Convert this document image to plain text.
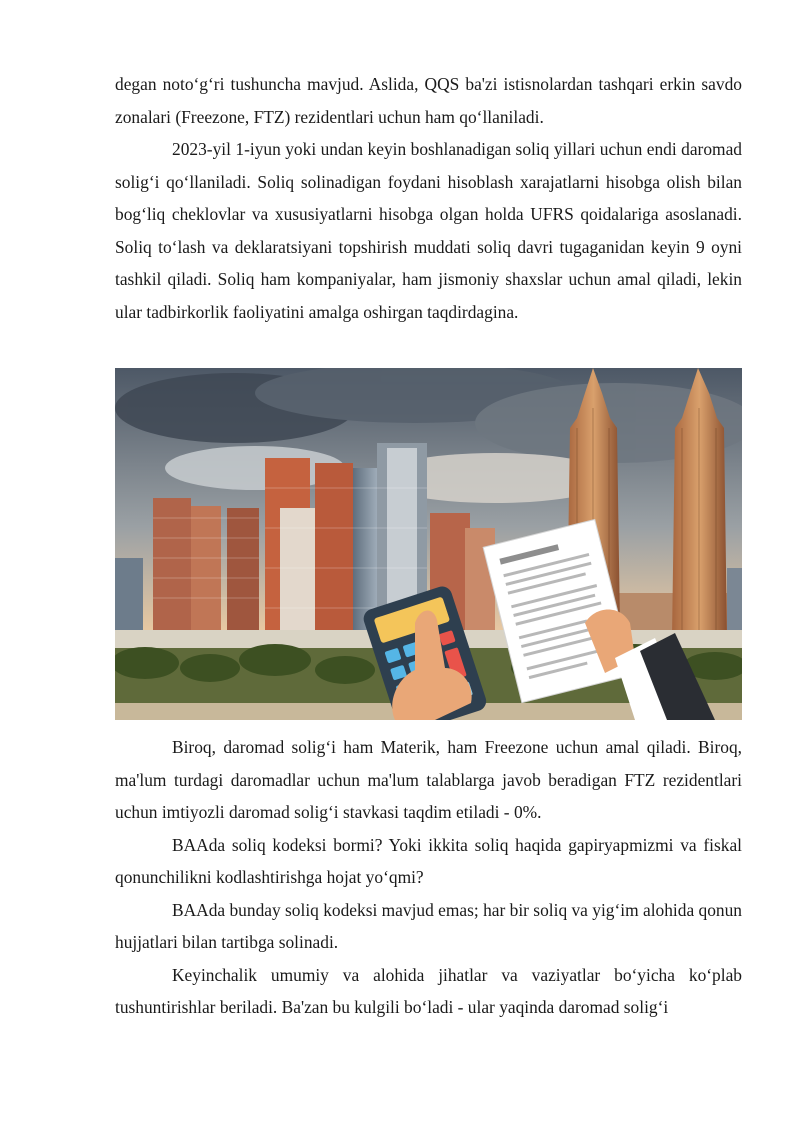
degan noto‘g‘ri tushuncha mavjud. Aslida, QQS ba'zi istisnolardan tashqari erkin savdo zonalari (Freezone, FTZ) rezidentlari uchun ham qo‘llaniladi.

2023-yil 1-iyun yoki undan keyin boshlanadigan soliq yillari uchun endi daromad solig‘i qo‘llaniladi. Soliq solinadigan foydani hisoblash xarajatlarni hisobga olish bilan bog‘liq cheklovlar va xususiyatlarni hisobga olgan holda UFRS qoidalariga asoslanadi. Soliq to‘lash va deklaratsiyani topshirish muddati soliq davri tugaganidan keyin 9 oyni tashkil qiladi. Soliq ham kompaniyalar, ham jismoniy shaxslar uchun amal qiladi, lekin ular tadbirkorlik faoliyatini amalga oshirgan taqdirdagina.

Biroq, daromad solig‘i ham Materik, ham Freezone uchun amal qiladi. Biroq, ma'lum turdagi daromadlar uchun ma'lum talablarga javob beradigan FTZ rezidentlari uchun imtiyozli daromad solig‘i stavkasi taqdim etiladi - 0%.

BAAda soliq kodeksi bormi? Yoki ikkita soliq haqida gapiryapmizmi va fiskal qonunchilikni kodlashtirishga hojat yo‘qmi?

BAAda bunday soliq kodeksi mavjud emas; har bir soliq va yig‘im alohida qonun hujjatlari bilan tartibga solinadi.

Keyinchalik umumiy va alohida jihatlar va vaziyatlar bo‘yicha ko‘plab tushuntirishlar beriladi. Ba'zan bu kulgili bo‘ladi - ular yaqinda daromad solig‘i
